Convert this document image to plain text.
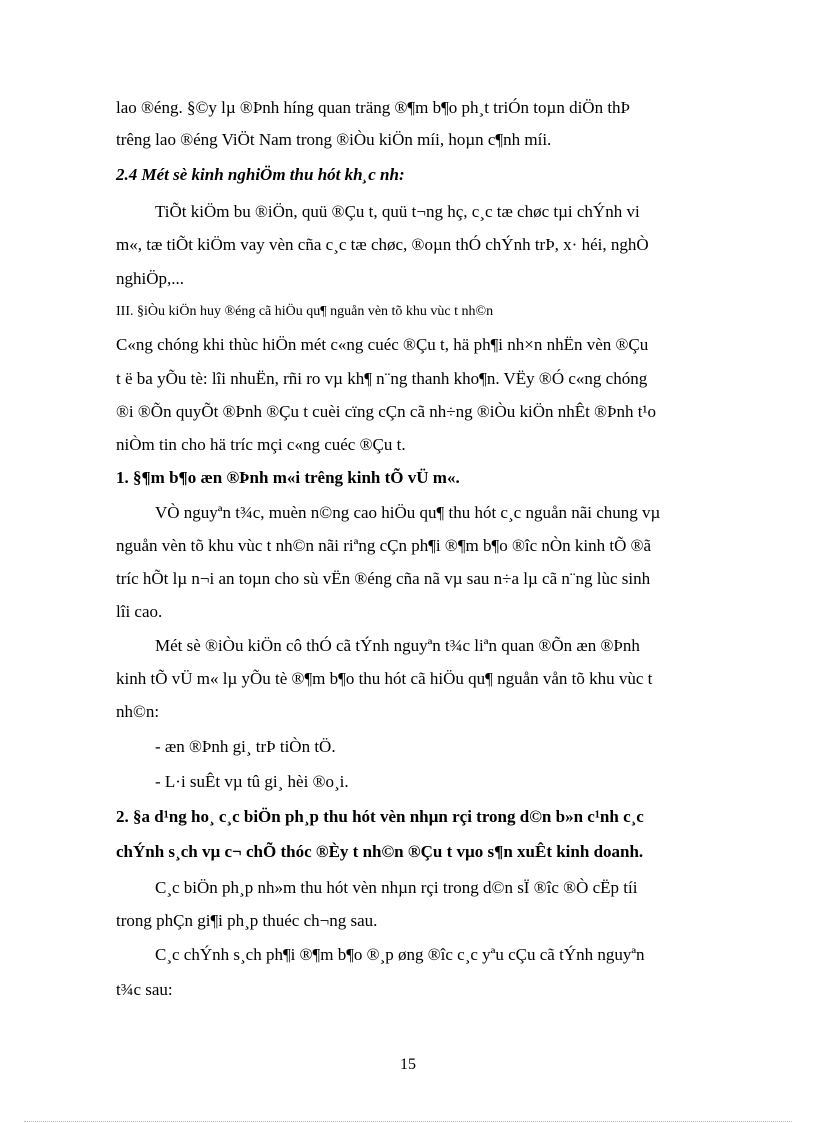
lao ®éng. §©y lµ ®Þnh híng quan träng ®¶m b¶o ph¸t triÓn toµn diÖn thÞ
trêng lao ®éng ViÖt Nam trong ®iÒu kiÖn míi, hoµn c¶nh míi.
2.4 Mét sè kinh nghiÖm thu hót kh¸c nh:
TiÕt kiÖm bu ®iÖn, quü ®Çu t, quü t¬ng hç, c¸c tæ chøc tµi chÝnh vi
m«, tæ tiÕt kiÖm vay vèn cña c¸c tæ chøc, ®oµn thÓ chÝnh trÞ, x· héi, nghÒ
nghiÖp,...
III. §iÒu kiÖn huy ®éng cã hiÖu qu¶ nguån vèn tõ khu vùc t nh©n
C«ng chóng khi thùc hiÖn mét c«ng cuéc ®Çu t, hä ph¶i nh×n nhËn vèn ®Çu
t ë ba yÕu tè: lîi nhuËn, rñi ro vµ kh¶ n¨ng thanh kho¶n. VËy ®Ó c«ng chóng
®i ®Õn quyÕt ®Þnh ®Çu t cuèi cïng cÇn cã nh÷ng ®iÒu kiÖn nhÊt ®Þnh t¹o
niÒm tin cho hä tríc mçi c«ng cuéc ®Çu t.
1. §¶m b¶o æn ®Þnh m«i trêng kinh tÕ vÜ m«.
VÒ nguyªn t¾c, muèn n©ng cao hiÖu qu¶ thu hót c¸c nguån nãi chung vµ
nguån vèn tõ khu vùc t nh©n nãi riªng cÇn ph¶i ®¶m b¶o ®îc nÒn kinh tÕ ®ã
tríc hÕt lµ n¬i an toµn cho sù vËn ®éng cña nã vµ sau n÷a lµ cã n¨ng lùc sinh
lîi cao.
Mét sè ®iÒu kiÖn cô thÓ cã tÝnh nguyªn t¾c liªn quan ®Õn æn ®Þnh
kinh tÕ vÜ m« lµ yÕu tè ®¶m b¶o thu hót cã hiÖu qu¶ nguån vån tõ khu vùc t
nh©n:
- æn ®Þnh gi¸ trÞ tiÒn tÖ.
- L·i suÊt vµ tû gi¸ hèi ®o¸i.
2. §a d¹ng ho¸ c¸c biÖn ph¸p thu hót vèn nhµn rçi trong d©n b»n c¹nh c¸c
chÝnh s¸ch vµ c¬ chÕ thóc ®Èy t nh©n ®Çu t vµo s¶n xuÊt kinh doanh.
C¸c biÖn ph¸p nh»m thu hót vèn nhµn rçi trong d©n sÏ ®îc ®Ò cËp tíi
trong phÇn gi¶i ph¸p thuéc ch¬ng sau.
C¸c chÝnh s¸ch ph¶i ®¶m b¶o ®¸p øng ®îc c¸c yªu cÇu cã tÝnh nguyªn
t¾c sau:
15
